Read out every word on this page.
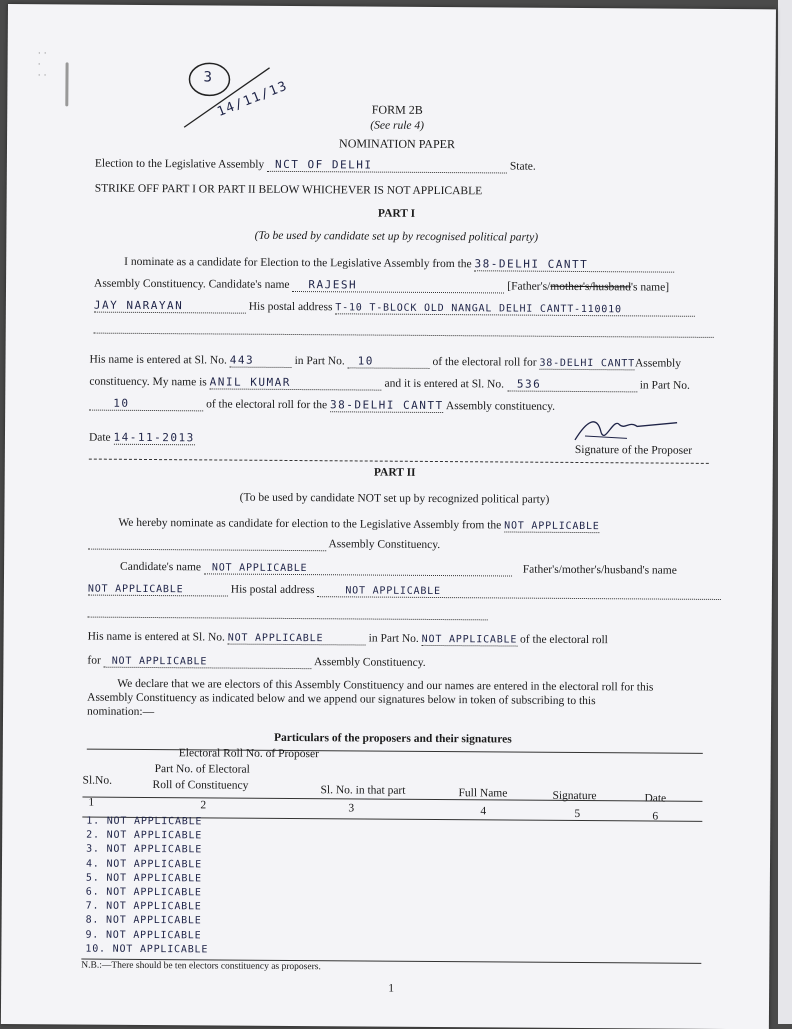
· ·
·
· ·	3
14/11/13	FORM 2B
(See rule 4)
NOMINATION PAPER
Election to the Legislative Assembly NCT OF DELHI	State.
STRIKE OFF PART I OR PART II BELOW WHICHEVER IS NOT APPLICABLE
PART I
(To be used by candidate set up by recognised political party)
I nominate as a candidate for Election to the Legislative Assembly from the 38-DELHI CANTT
Assembly Constituency. Candidate's name RAJESH	[Father's/mother's/husband's name]
JAY NARAYAN	His postal address T-10 T-BLOCK OLD NANGAL DELHI CANTT-110010
His name is entered at Sl. No. 443	in Part No. 10	of the electoral roll for 38-DELHI CANTTAssembly
constituency. My name is ANIL KUMAR	and it is entered at Sl. No. 536	in Part No.
10	of the electoral roll for the 38-DELHI CANTT Assembly constituency.
Date 14-11-2013
Signature of the Proposer
PART II
(To be used by candidate NOT set up by recognized political party)
We hereby nominate as candidate for election to the Legislative Assembly from the NOT APPLICABLE
Assembly Constituency.
Candidate's name NOT APPLICABLE	Father's/mother's/husband's name
NOT APPLICABLE	His postal address	NOT APPLICABLE
His name is entered at Sl. No. NOT APPLICABLE	in Part No. NOT APPLICABLE of the electoral roll
for NOT APPLICABLE	Assembly Constituency.
We declare that we are electors of this Assembly Constituency and our names are entered in the electoral roll for this
Assembly Constituency as indicated below and we append our signatures below in token of subscribing to this
nomination:—
Particulars of the proposers and their signatures
Electoral Roll No. of Proposer
Sl.No.
Part No. of Electoral
Roll of Constituency	Sl. No. in that part	Full Name	Signature	Date
1	2	3	4	5	6
1. NOT APPLICABLE
2. NOT APPLICABLE
3. NOT APPLICABLE
4. NOT APPLICABLE
5. NOT APPLICABLE
6. NOT APPLICABLE
7. NOT APPLICABLE
8. NOT APPLICABLE
9. NOT APPLICABLE
10. NOT APPLICABLE
N.B.:—There should be ten electors constituency as proposers.
1
